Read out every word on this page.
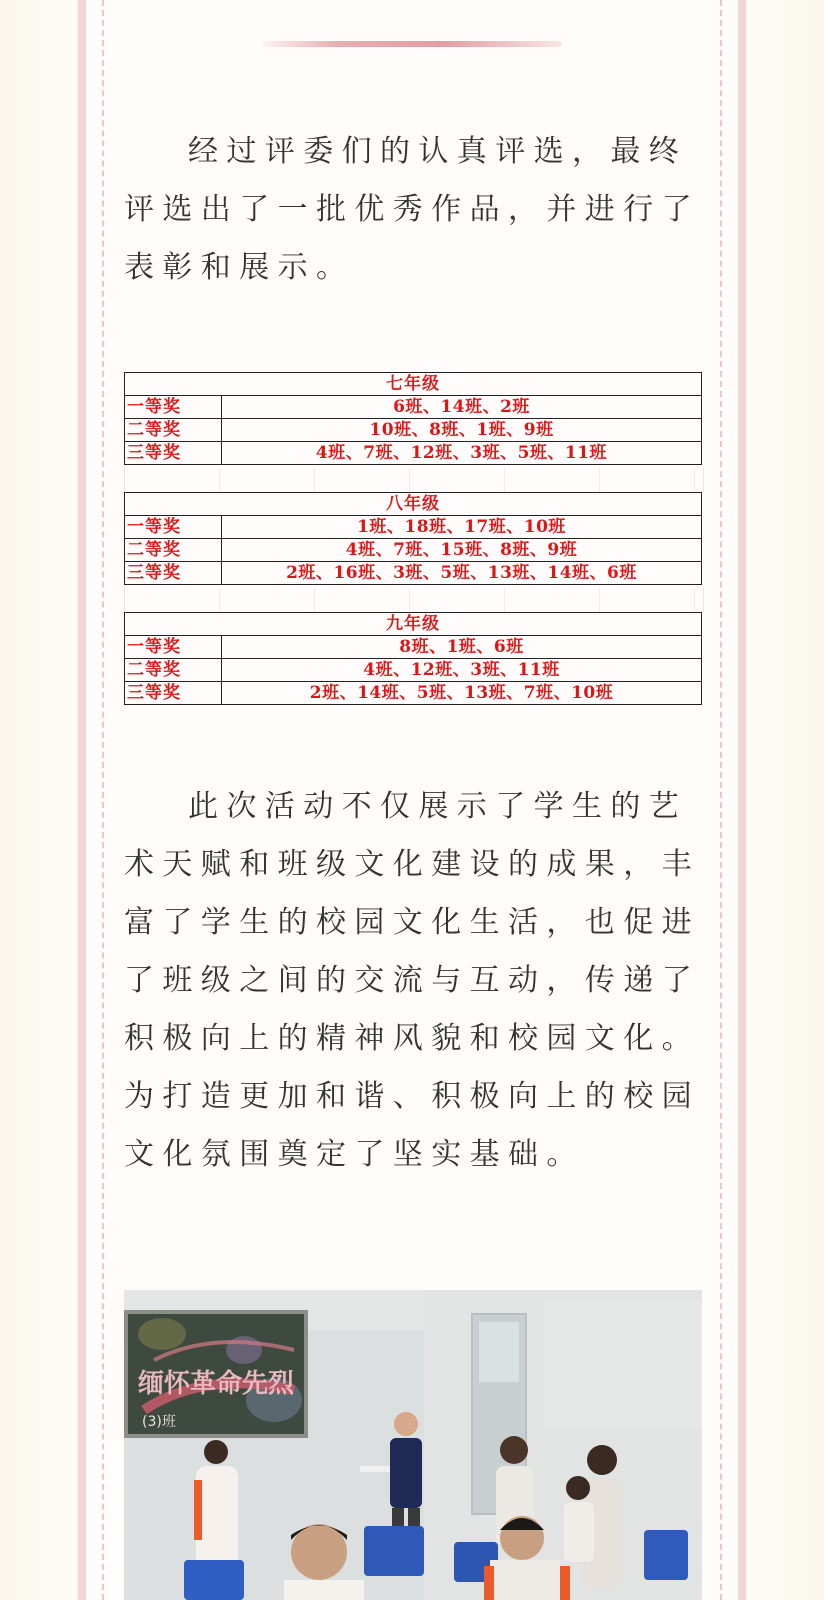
经过评委们的认真评选，最终评选出了一批优秀作品，并进行了表彰和展示。

七年级	
一等奖	6班、14班、2班
二等奖	10班、8班、1班、9班
三等奖	4班、7班、12班、3班、5班、11班
八年级	
一等奖	1班、18班、17班、10班
二等奖	4班、7班、15班、8班、9班
三等奖	2班、16班、3班、5班、13班、14班、6班
九年级	
一等奖	8班、1班、6班
二等奖	4班、12班、3班、11班
三等奖	2班、14班、5班、13班、7班、10班

此次活动不仅展示了学生的艺术天赋和班级文化建设的成果，丰富了学生的校园文化生活，也促进了班级之间的交流与互动，传递了积极向上的精神风貌和校园文化。为打造更加和谐、积极向上的校园文化氛围奠定了坚实基础。

缅怀革命先烈
(3)班
